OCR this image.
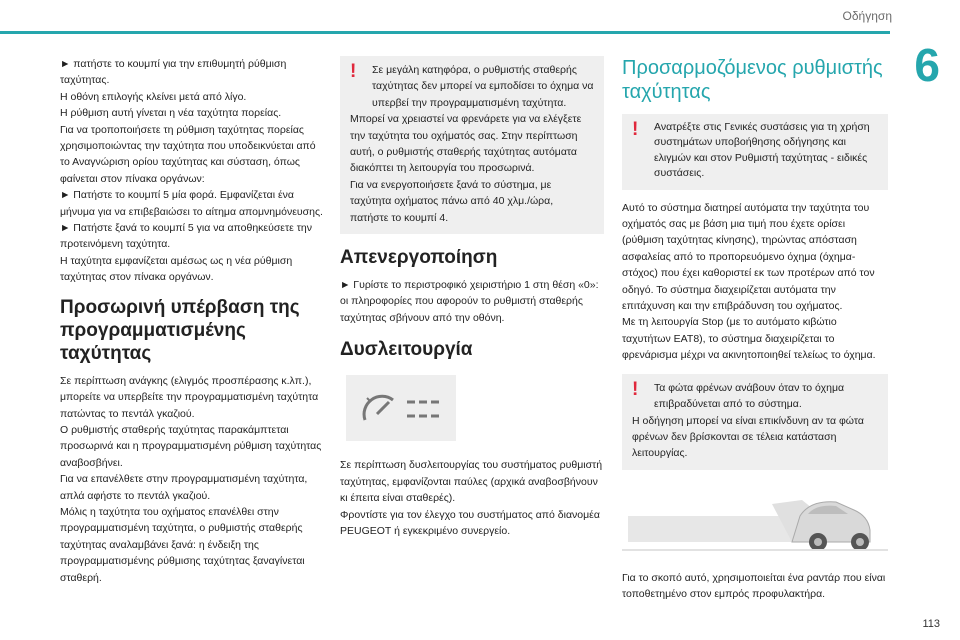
Οδήγηση
6
113

► πατήστε το κουμπί για την επιθυμητή ρύθμιση ταχύτητας.

Η οθόνη επιλογής κλείνει μετά από λίγο.

Η ρύθμιση αυτή γίνεται η νέα ταχύτητα πορείας.

Για να τροποποιήσετε τη ρύθμιση ταχύτητας πορείας χρησιμοποιώντας την ταχύτητα που υποδεικνύεται από το Αναγνώριση ορίου ταχύτητας και σύσταση, όπως φαίνεται στον πίνακα οργάνων:

► Πατήστε το κουμπί 5 μία φορά. Εμφανίζεται ένα μήνυμα για να επιβεβαιώσει το αίτημα απομνημόνευσης.

► Πατήστε ξανά το κουμπί 5 για να αποθηκεύσετε την προτεινόμενη ταχύτητα.

Η ταχύτητα εμφανίζεται αμέσως ως η νέα ρύθμιση ταχύτητας στον πίνακα οργάνων.

Προσωρινή υπέρβαση της προγραμματισμένης ταχύτητας

Σε περίπτωση ανάγκης (ελιγμός προσπέρασης κ.λπ.), μπορείτε να υπερβείτε την προγραμματισμένη ταχύτητα πατώντας το πεντάλ γκαζιού.

Ο ρυθμιστής σταθερής ταχύτητας παρακάμπτεται προσωρινά και η προγραμματισμένη ρύθμιση ταχύτητας αναβοσβήνει.

Για να επανέλθετε στην προγραμματισμένη ταχύτητα, απλά αφήστε το πεντάλ γκαζιού.

Μόλις η ταχύτητα του οχήματος επανέλθει στην προγραμματισμένη ταχύτητα, ο ρυθμιστής σταθερής ταχύτητας αναλαμβάνει ξανά: η ένδειξη της προγραμματισμένης ρύθμισης ταχύτητας ξαναγίνεται σταθερή.

!	Σε μεγάλη κατηφόρα, ο ρυθμιστής σταθερής ταχύτητας δεν μπορεί να εμποδίσει το όχημα να υπερβεί την προγραμματισμένη ταχύτητα.

Μπορεί να χρειαστεί να φρενάρετε για να ελέγξετε την ταχύτητα του οχήματός σας. Στην περίπτωση αυτή, ο ρυθμιστής σταθερής ταχύτητας αυτόματα διακόπτει τη λειτουργία του προσωρινά.

Για να ενεργοποιήσετε ξανά το σύστημα, με ταχύτητα οχήματος πάνω από 40 χλμ./ώρα, πατήστε το κουμπί 4.

Απενεργοποίηση

► Γυρίστε το περιστροφικό χειριστήριο 1 στη θέση «0»: οι πληροφορίες που αφορούν το ρυθμιστή σταθερής ταχύτητας σβήνουν από την οθόνη.

Δυσλειτουργία

Σε περίπτωση δυσλειτουργίας του συστήματος ρυθμιστή ταχύτητας, εμφανίζονται παύλες (αρχικά αναβοσβήνουν κι έπειτα είναι σταθερές).

Φροντίστε για τον έλεγχο του συστήματος από διανομέα PEUGEOT ή εγκεκριμένο συνεργείο.

Προσαρμοζόμενος ρυθμιστής ταχύτητας
!	Ανατρέξτε στις Γενικές συστάσεις για τη χρήση συστημάτων υποβοήθησης οδήγησης και ελιγμών και στον Ρυθμιστή ταχύτητας - ειδικές συστάσεις.

Αυτό το σύστημα διατηρεί αυτόματα την ταχύτητα του οχήματός σας με βάση μια τιμή που έχετε ορίσει (ρύθμιση ταχύτητας κίνησης), τηρώντας απόσταση ασφαλείας από το προπορευόμενο όχημα (όχημα-στόχος) που έχει καθοριστεί εκ των προτέρων από τον οδηγό. Το σύστημα διαχειρίζεται αυτόματα την επιτάχυνση και την επιβράδυνση του οχήματος.

Με τη λειτουργία Stop (με το αυτόματο κιβώτιο ταχυτήτων EAT8), το σύστημα διαχειρίζεται το φρενάρισμα μέχρι να ακινητοποιηθεί τελείως το όχημα.

!	Τα φώτα φρένων ανάβουν όταν το όχημα επιβραδύνεται από το σύστημα.

Η οδήγηση μπορεί να είναι επικίνδυνη αν τα φώτα φρένων δεν βρίσκονται σε τέλεια κατάσταση λειτουργίας.

Για το σκοπό αυτό, χρησιμοποιείται ένα ραντάρ που είναι τοποθετημένο στον εμπρός προφυλακτήρα.
